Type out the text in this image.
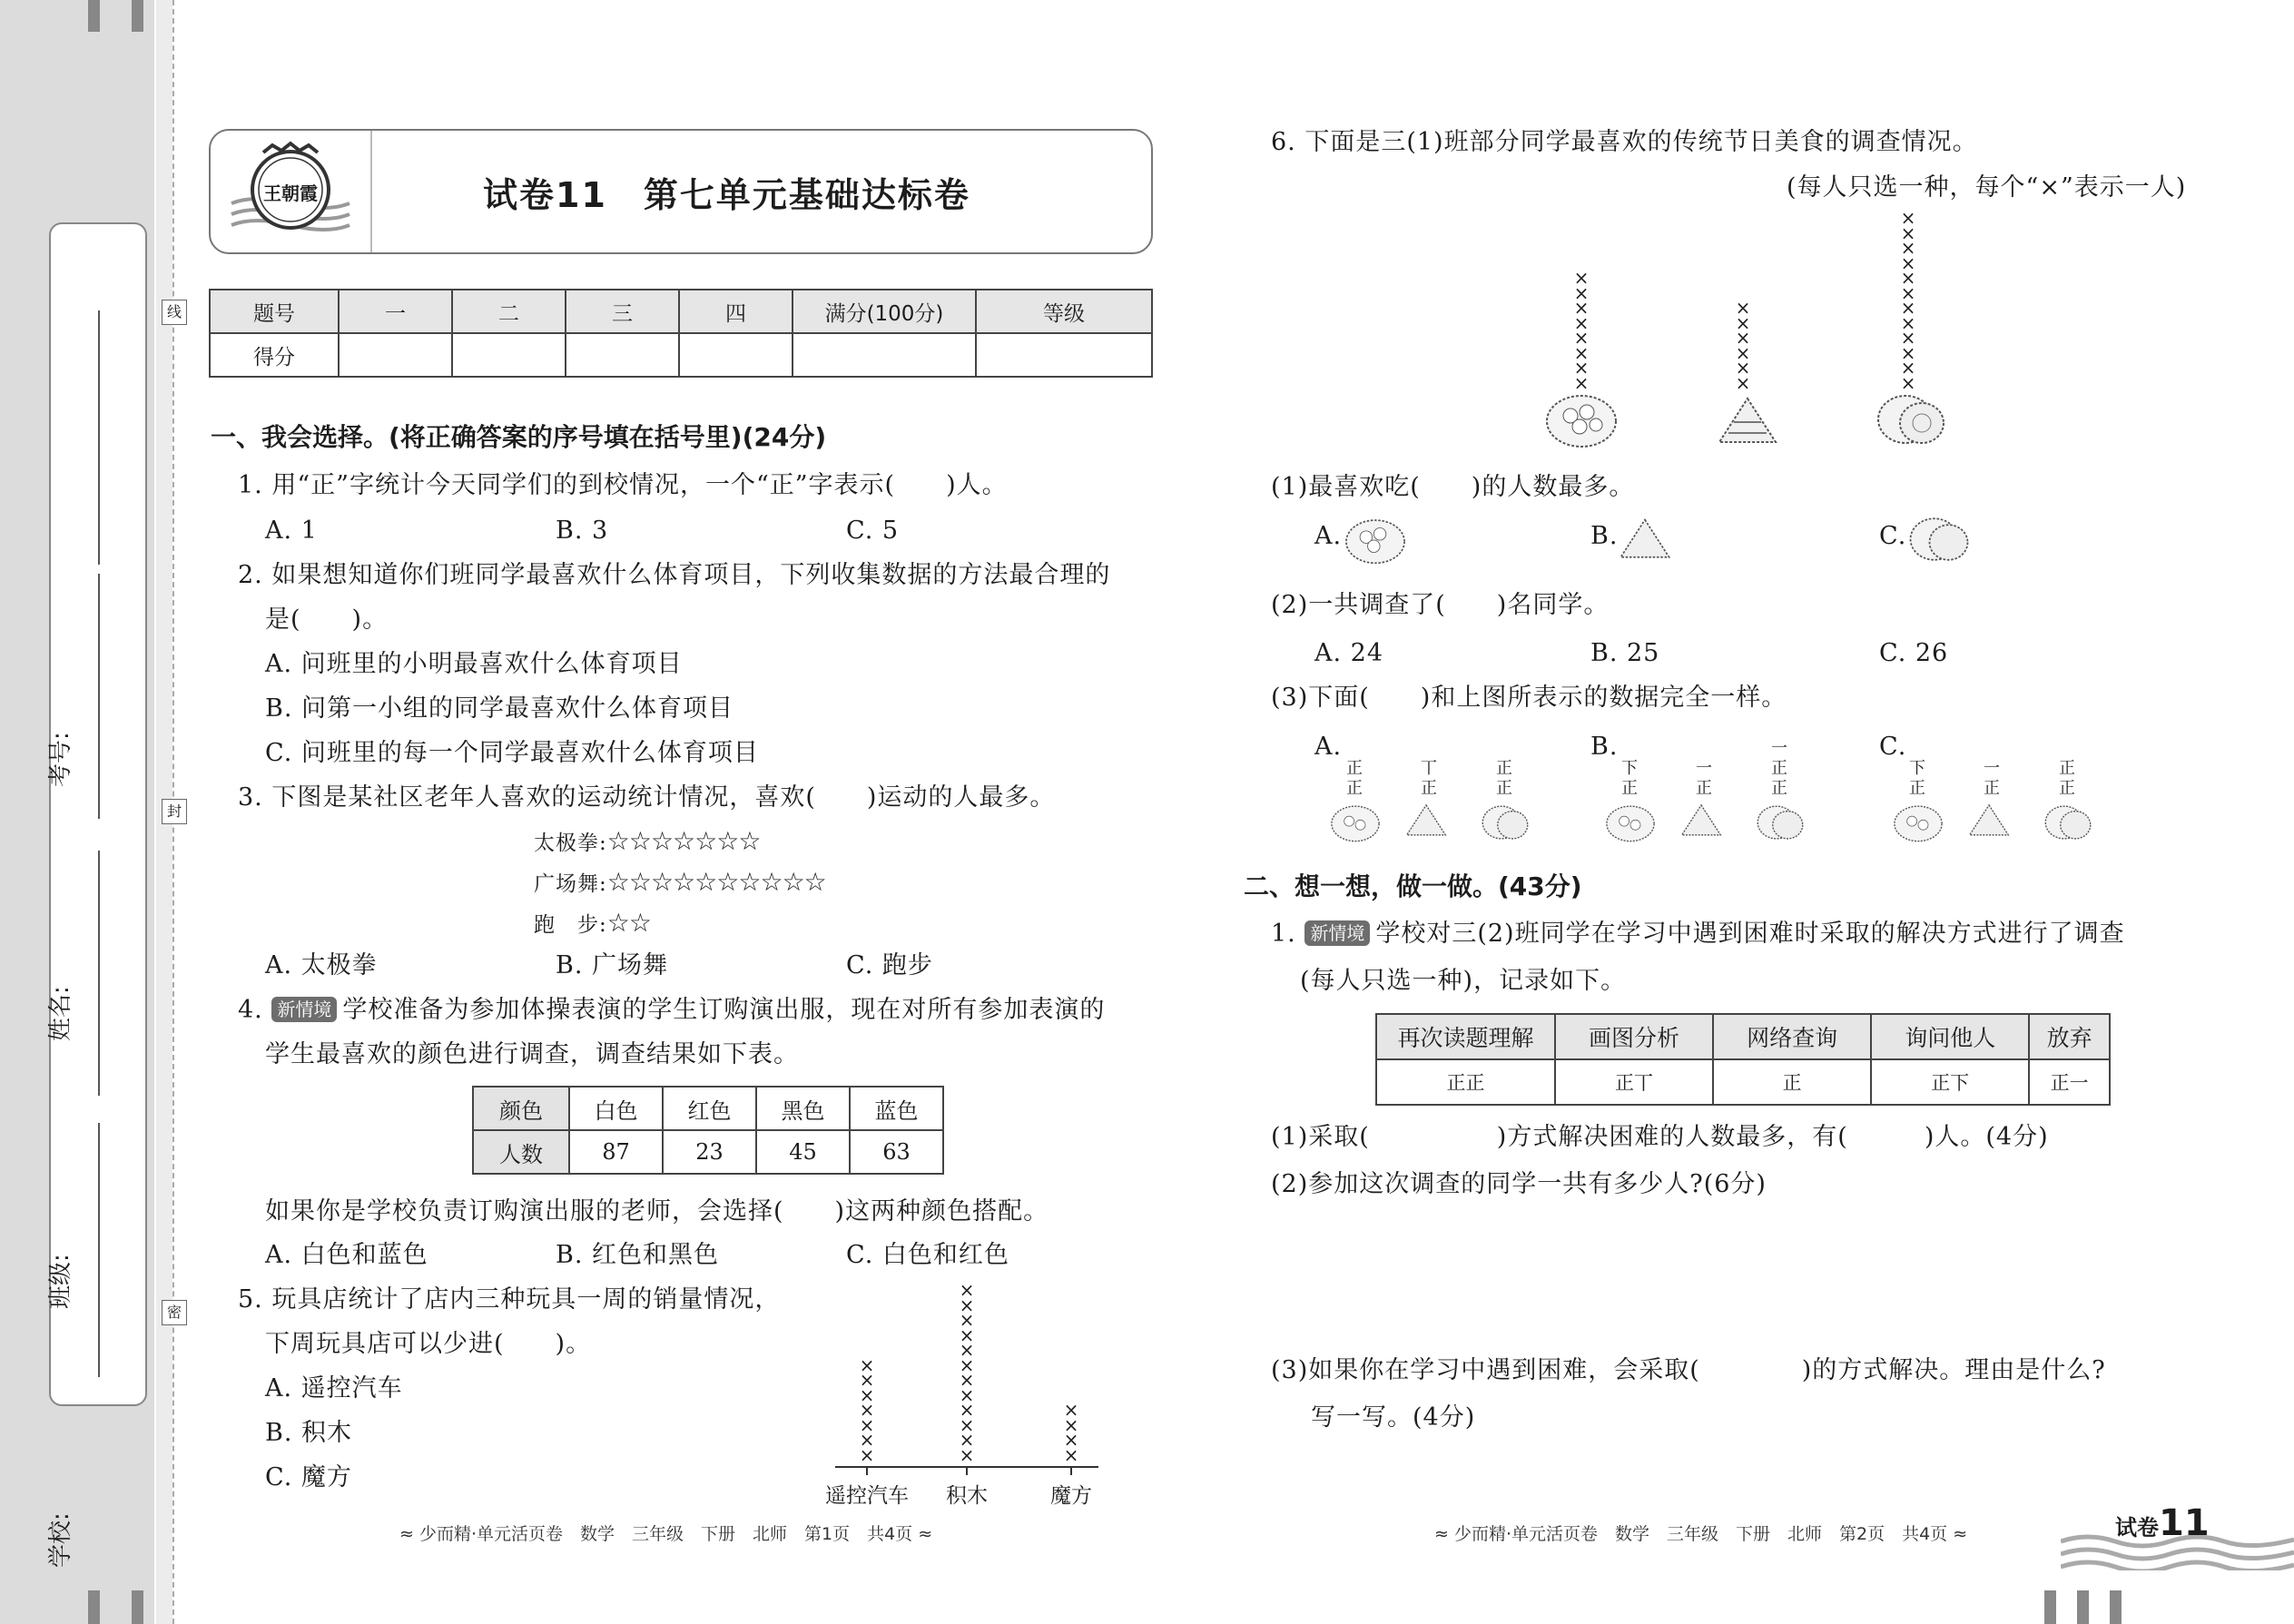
考号:
姓名:
班级:
学校:
线
封
密
王朝霞	试卷11　第七单元基础达标卷
题号	一	二	三	四	满分(100分)	等级
得分						
一、我会选择。(将正确答案的序号填在括号里)(24分)
1. 用“正”字统计今天同学们的到校情况，一个“正”字表示(　　)人。
A. 1	B. 3	C. 5
2. 如果想知道你们班同学最喜欢什么体育项目，下列收集数据的方法最合理的
是(　　)。
A. 问班里的小明最喜欢什么体育项目
B. 问第一小组的同学最喜欢什么体育项目
C. 问班里的每一个同学最喜欢什么体育项目
3. 下图是某社区老年人喜欢的运动统计情况，喜欢(　　)运动的人最多。
太极拳:☆☆☆☆☆☆☆
广场舞:☆☆☆☆☆☆☆☆☆☆
跑　步:☆☆
A. 太极拳	B. 广场舞	C. 跑步
4. 新情境 学校准备为参加体操表演的学生订购演出服，现在对所有参加表演的
学生最喜欢的颜色进行调查，调查结果如下表。
颜色	白色	红色	黑色	蓝色
人数	87	23	45	63
如果你是学校负责订购演出服的老师，会选择(　　)这两种颜色搭配。
A. 白色和蓝色	B. 红色和黑色	C. 白色和红色
5. 玩具店统计了店内三种玩具一周的销量情况，
下周玩具店可以少进(　　)。
A. 遥控汽车
B. 积木
C. 魔方
×
×
×
×
×
×
×
遥控汽车
×
×
×
×
×
×
×
×
×
×
×
×
积木
×
×
×
×
魔方
6. 下面是三(1)班部分同学最喜欢的传统节日美食的调查情况。
(每人只选一种，每个“×”表示一人)
×
×
×
×
×
×
×
×
×
×
×
×
×
×
×
×
×
×
×
×
×
×
×
×
×
×
(1)最喜欢吃(　　)的人数最多。
A.	B.	C.
(2)一共调查了(　　)名同学。
A. 24	B. 25	C. 26
(3)下面(　　)和上图所表示的数据完全一样。
A.	B.	C.
正
正
丅
正
正
正
下
正
一
正
一
正
正
下
正
一
正
正
正
二、想一想，做一做。(43分)
1. 新情境 学校对三(2)班同学在学习中遇到困难时采取的解决方式进行了调查
(每人只选一种)，记录如下。
再次读题理解	画图分析	网络查询	询问他人	放弃
正正	正丅	正	正下	正一
(1)采取(　　　　　)方式解决困难的人数最多，有(　　　)人。(4分)
(2)参加这次调查的同学一共有多少人?(6分)
(3)如果你在学习中遇到困难，会采取(　　　　)的方式解决。理由是什么?
写一写。(4分)
≈ 少而精·单元活页卷　数学　三年级　下册　北师　第1页　共4页 ≈	≈ 少而精·单元活页卷　数学　三年级　下册　北师　第2页　共4页 ≈	试卷11
